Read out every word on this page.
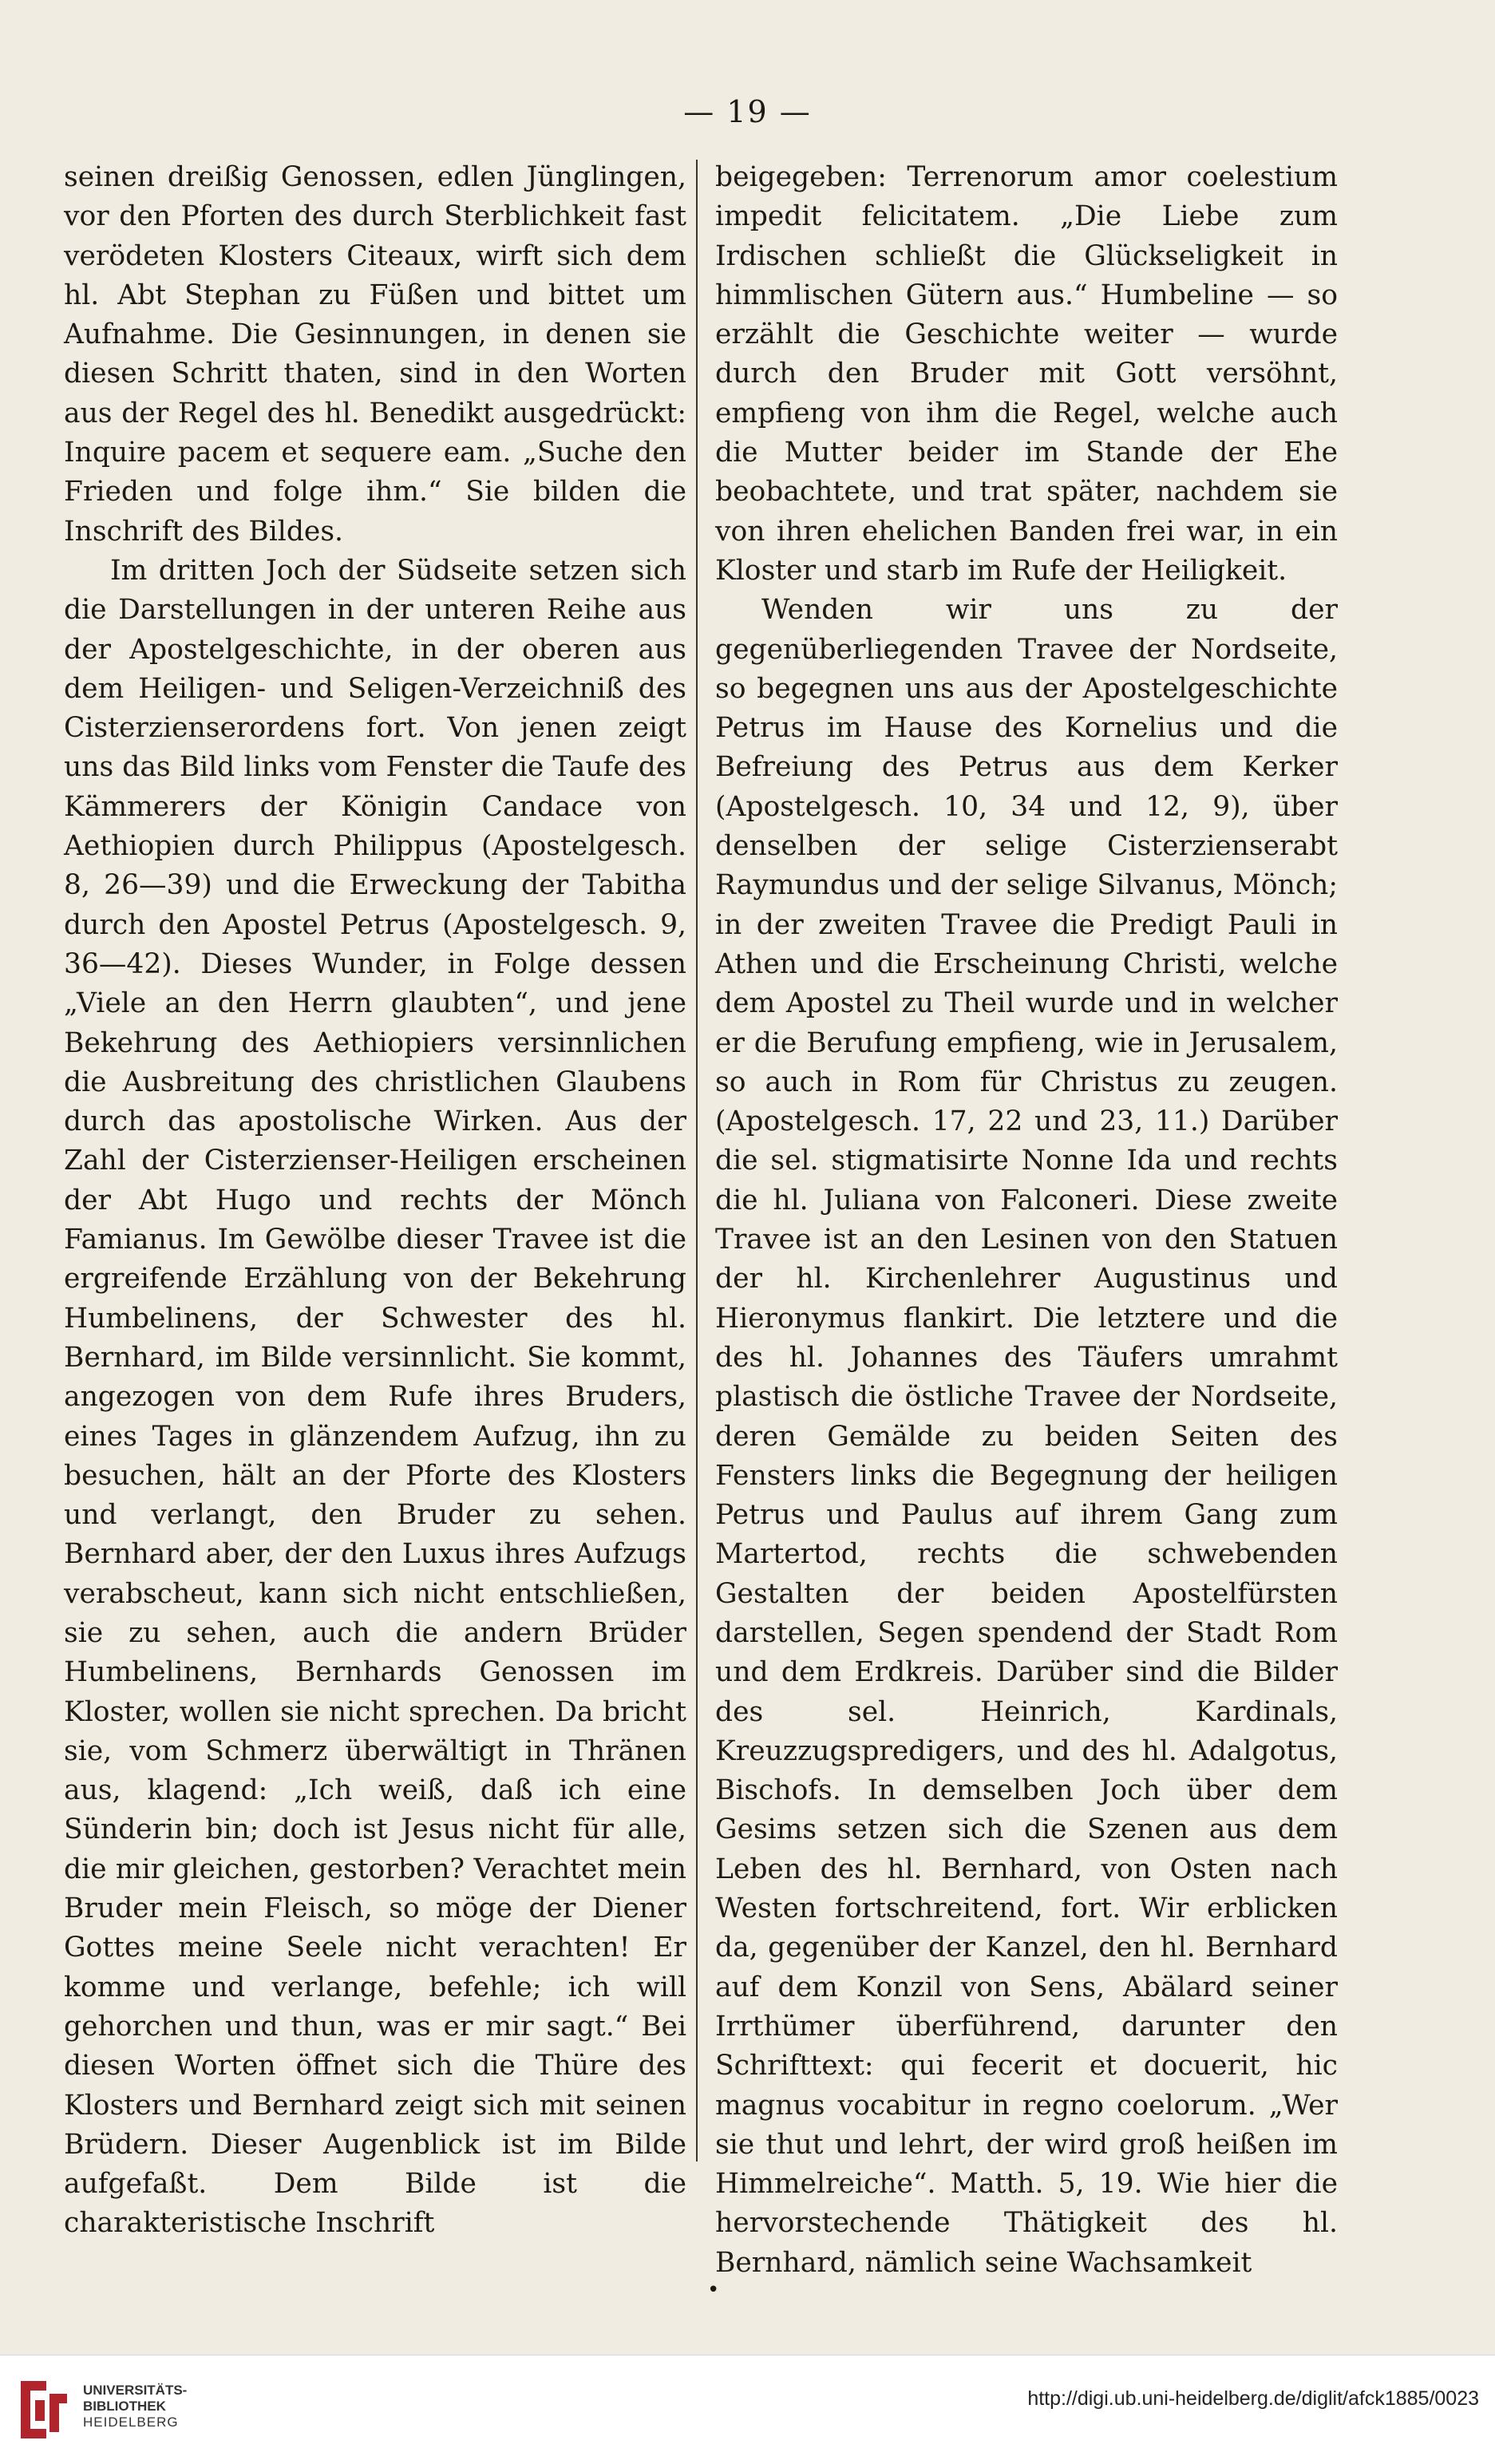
— 19 —

seinen dreißig Genossen, edlen Jünglingen, vor den Pforten des durch Sterblichkeit fast verödeten Klosters Citeaux, wirft sich dem hl. Abt Stephan zu Füßen und bittet um Aufnahme. Die Gesinnungen, in denen sie diesen Schritt thaten, sind in den Worten aus der Regel des hl. Benedikt ausgedrückt: Inquire pacem et sequere eam. „Suche den Frieden und folge ihm.“ Sie bilden die Inschrift des Bildes.

Im dritten Joch der Südseite setzen sich die Darstellungen in der unteren Reihe aus der Apostelgeschichte, in der oberen aus dem Heiligen- und Seligen-Verzeichniß des Cisterzienserordens fort. Von jenen zeigt uns das Bild links vom Fenster die Taufe des Kämmerers der Königin Candace von Aethiopien durch Philippus (Apostelgesch. 8, 26—39) und die Erweckung der Tabitha durch den Apostel Petrus (Apostelgesch. 9, 36—42). Dieses Wunder, in Folge dessen „Viele an den Herrn glaubten“, und jene Bekehrung des Aethiopiers versinnlichen die Ausbreitung des christlichen Glaubens durch das apostolische Wirken. Aus der Zahl der Cisterzienser-Heiligen erscheinen der Abt Hugo und rechts der Mönch Famianus. Im Gewölbe dieser Travee ist die ergreifende Erzählung von der Bekehrung Humbelinens, der Schwester des hl. Bernhard, im Bilde versinnlicht. Sie kommt, angezogen von dem Rufe ihres Bruders, eines Tages in glänzendem Aufzug, ihn zu besuchen, hält an der Pforte des Klosters und verlangt, den Bruder zu sehen. Bernhard aber, der den Luxus ihres Aufzugs verabscheut, kann sich nicht entschließen, sie zu sehen, auch die andern Brüder Humbelinens, Bernhards Genossen im Kloster, wollen sie nicht sprechen. Da bricht sie, vom Schmerz überwältigt in Thränen aus, klagend: „Ich weiß, daß ich eine Sünderin bin; doch ist Jesus nicht für alle, die mir gleichen, gestorben? Verachtet mein Bruder mein Fleisch, so möge der Diener Gottes meine Seele nicht verachten! Er komme und verlange, befehle; ich will gehorchen und thun, was er mir sagt.“ Bei diesen Worten öffnet sich die Thüre des Klosters und Bernhard zeigt sich mit seinen Brüdern. Dieser Augenblick ist im Bilde aufgefaßt. Dem Bilde ist die charakteristische Inschrift

beigegeben: Terrenorum amor coelestium impedit felicitatem. „Die Liebe zum Irdischen schließt die Glückseligkeit in himmlischen Gütern aus.“ Humbeline — so erzählt die Geschichte weiter — wurde durch den Bruder mit Gott versöhnt, empfieng von ihm die Regel, welche auch die Mutter beider im Stande der Ehe beobachtete, und trat später, nachdem sie von ihren ehelichen Banden frei war, in ein Kloster und starb im Rufe der Heiligkeit.

Wenden wir uns zu der gegenüberliegenden Travee der Nordseite, so begegnen uns aus der Apostelgeschichte Petrus im Hause des Kornelius und die Befreiung des Petrus aus dem Kerker (Apostelgesch. 10, 34 und 12, 9), über denselben der selige Cisterzienserabt Raymundus und der selige Silvanus, Mönch; in der zweiten Travee die Predigt Pauli in Athen und die Erscheinung Christi, welche dem Apostel zu Theil wurde und in welcher er die Berufung empfieng, wie in Jerusalem, so auch in Rom für Christus zu zeugen. (Apostelgesch. 17, 22 und 23, 11.) Darüber die sel. stigmatisirte Nonne Ida und rechts die hl. Juliana von Falconeri. Diese zweite Travee ist an den Lesinen von den Statuen der hl. Kirchenlehrer Augustinus und Hieronymus flankirt. Die letztere und die des hl. Johannes des Täufers umrahmt plastisch die östliche Travee der Nordseite, deren Gemälde zu beiden Seiten des Fensters links die Begegnung der heiligen Petrus und Paulus auf ihrem Gang zum Martertod, rechts die schwebenden Gestalten der beiden Apostelfürsten darstellen, Segen spendend der Stadt Rom und dem Erdkreis. Darüber sind die Bilder des sel. Heinrich, Kardinals, Kreuzzugspredigers, und des hl. Adalgotus, Bischofs. In demselben Joch über dem Gesims setzen sich die Szenen aus dem Leben des hl. Bernhard, von Osten nach Westen fortschreitend, fort. Wir erblicken da, gegenüber der Kanzel, den hl. Bernhard auf dem Konzil von Sens, Abälard seiner Irrthümer überführend, darunter den Schrifttext: qui fecerit et docuerit, hic magnus vocabitur in regno coelorum. „Wer sie thut und lehrt, der wird groß heißen im Himmelreiche“. Matth. 5, 19. Wie hier die hervorstechende Thätigkeit des hl. Bernhard, nämlich seine Wachsamkeit

•
UNIVERSITÄTS-
BIBLIOTHEK
HEIDELBERG
http://digi.ub.uni-heidelberg.de/diglit/afck1885/0023
